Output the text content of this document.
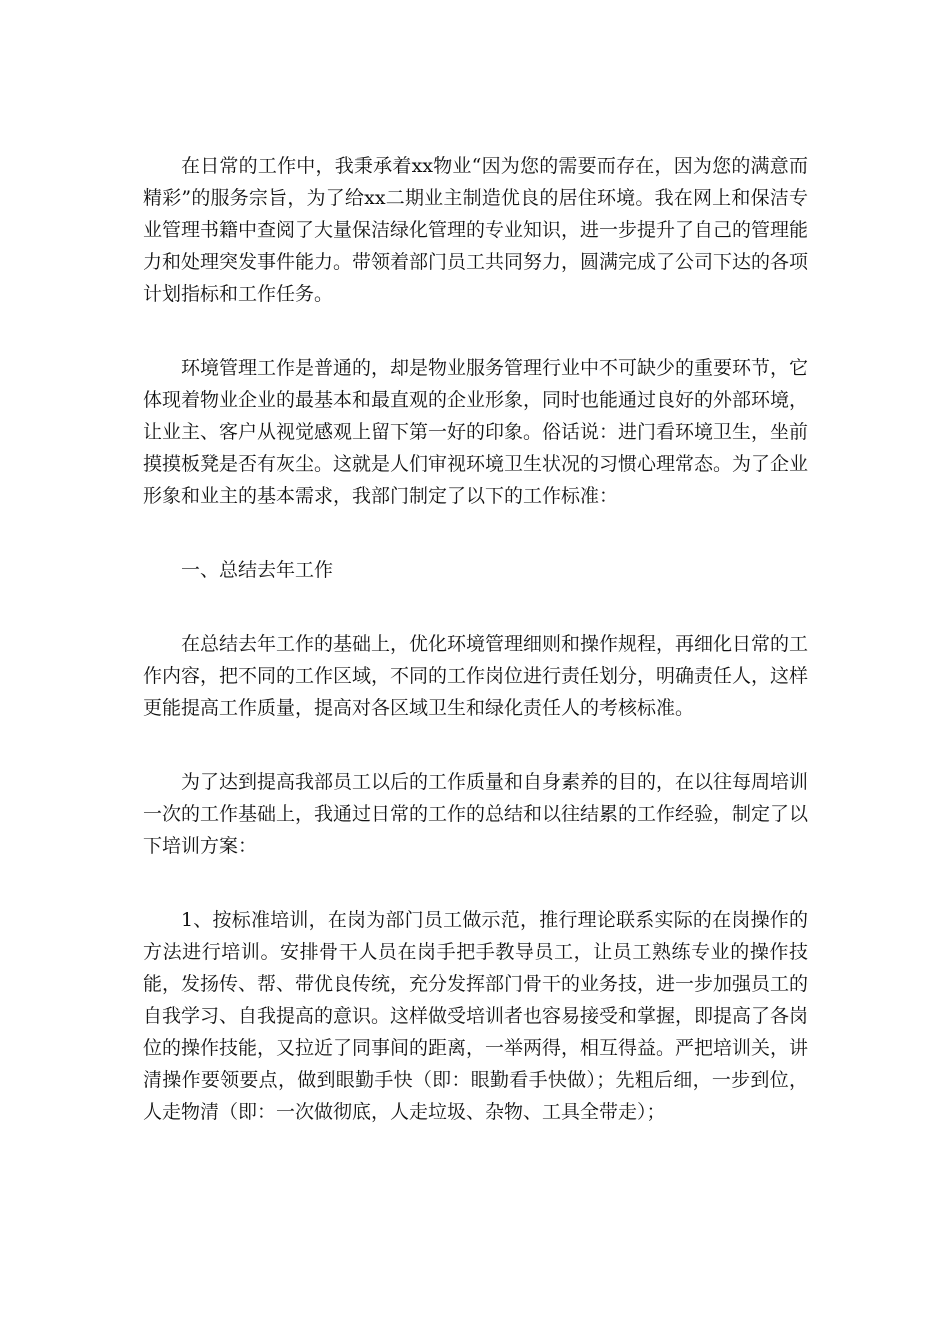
在日常的工作中，我秉承着xx物业“因为您的需要而存在，因为您的满意而精彩”的服务宗旨，为了给xx二期业主制造优良的居住环境。我在网上和保洁专业管理书籍中查阅了大量保洁绿化管理的专业知识，进一步提升了自己的管理能力和处理突发事件能力。带领着部门员工共同努力，圆满完成了公司下达的各项计划指标和工作任务。

环境管理工作是普通的，却是物业服务管理行业中不可缺少的重要环节，它体现着物业企业的最基本和最直观的企业形象，同时也能通过良好的外部环境，让业主、客户从视觉感观上留下第一好的印象。俗话说：进门看环境卫生，坐前摸摸板凳是否有灰尘。这就是人们审视环境卫生状况的习惯心理常态。为了企业形象和业主的基本需求，我部门制定了以下的工作标准：

一、总结去年工作

在总结去年工作的基础上，优化环境管理细则和操作规程，再细化日常的工作内容，把不同的工作区域，不同的工作岗位进行责任划分，明确责任人，这样更能提高工作质量，提高对各区域卫生和绿化责任人的考核标准。

为了达到提高我部员工以后的工作质量和自身素养的目的，在以往每周培训一次的工作基础上，我通过日常的工作的总结和以往结累的工作经验，制定了以下培训方案：

1、按标准培训，在岗为部门员工做示范，推行理论联系实际的在岗操作的方法进行培训。安排骨干人员在岗手把手教导员工，让员工熟练专业的操作技能，发扬传、帮、带优良传统，充分发挥部门骨干的业务技，进一步加强员工的自我学习、自我提高的意识。这样做受培训者也容易接受和掌握，即提高了各岗位的操作技能，又拉近了同事间的距离，一举两得，相互得益。严把培训关，讲清操作要领要点，做到眼勤手快（即：眼勤看手快做）；先粗后细，一步到位，人走物清（即：一次做彻底，人走垃圾、杂物、工具全带走）；
